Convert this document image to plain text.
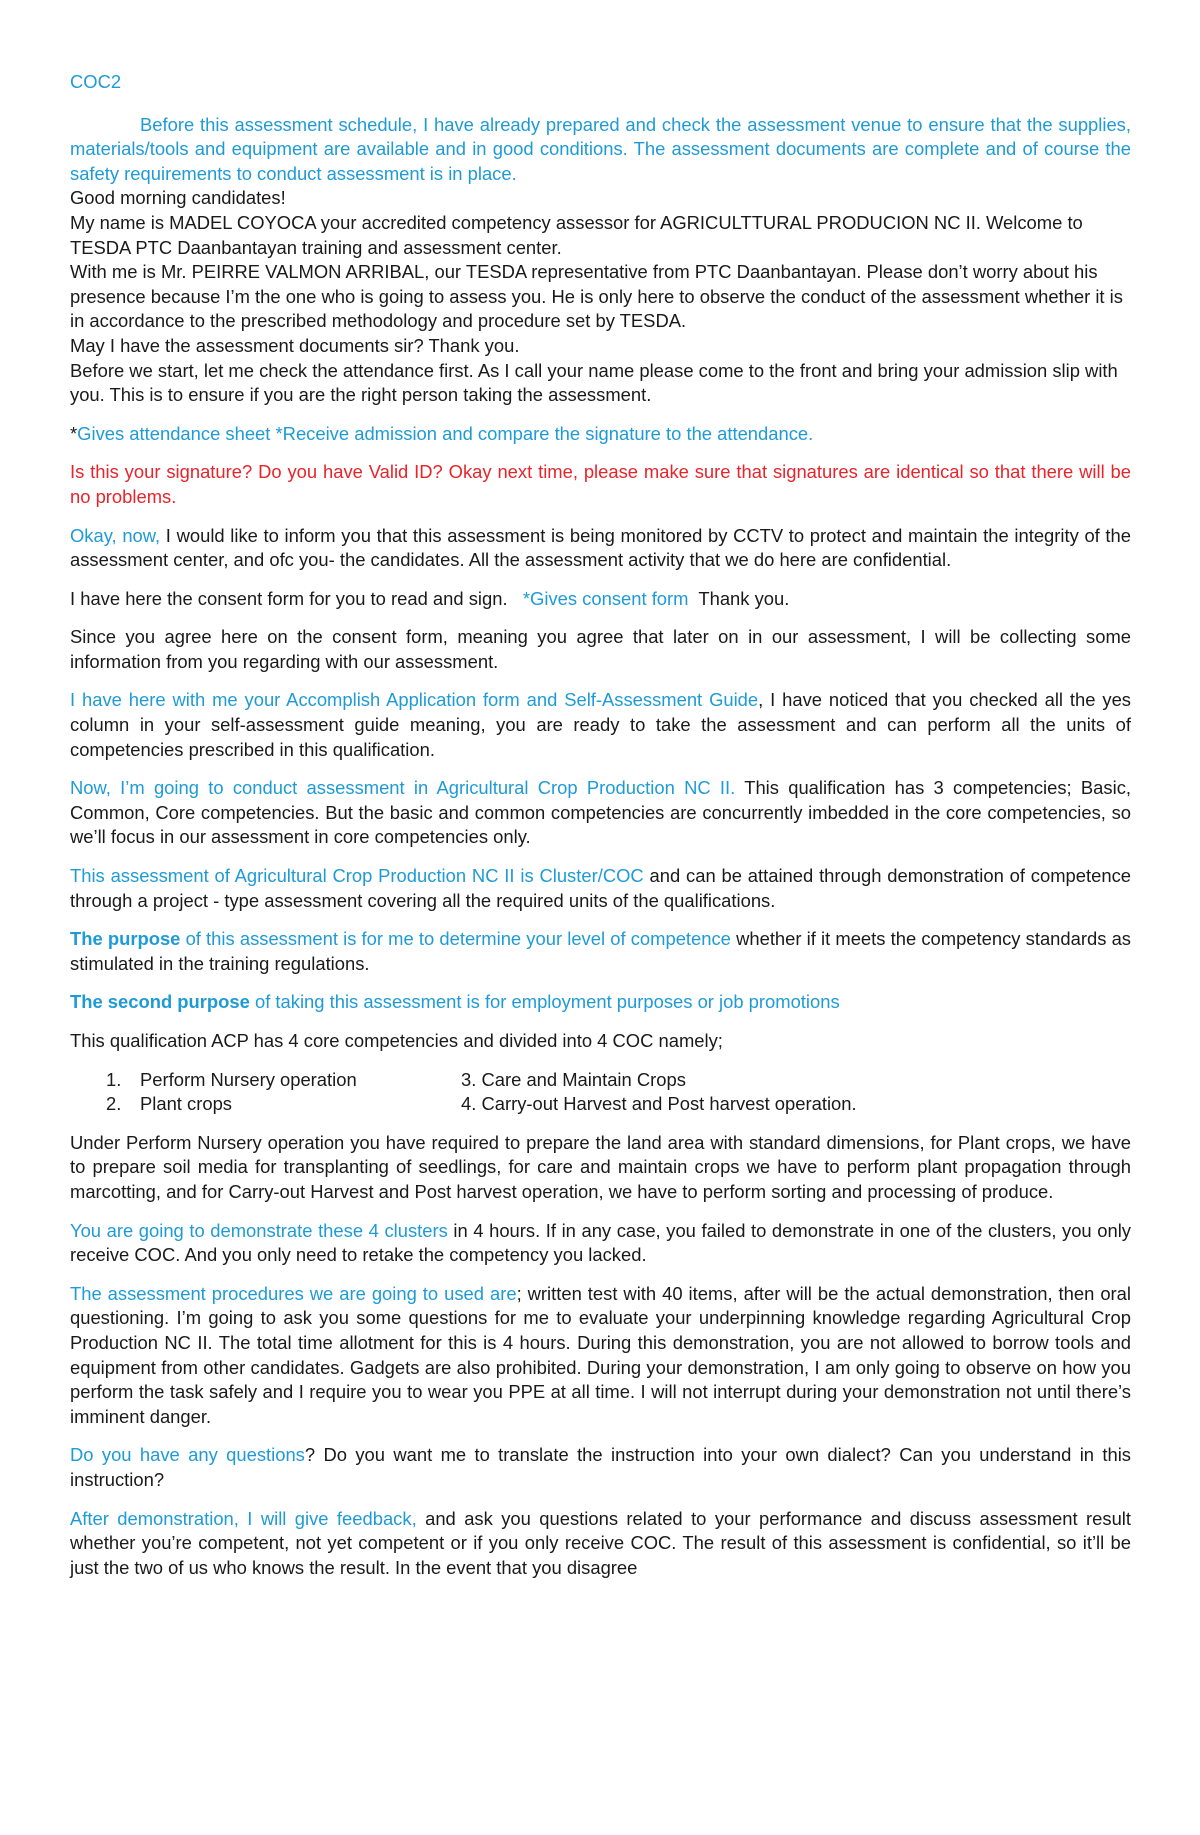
COC2

Before this assessment schedule, I have already prepared and check the assessment venue to ensure that the supplies, materials/tools and equipment are available and in good conditions. The assessment documents are complete and of course the safety requirements to conduct assessment is in place.

Good morning candidates!

My name is MADEL COYOCA your accredited competency assessor for AGRICULTTURAL PRODUCION NC II. Welcome to TESDA PTC Daanbantayan training and assessment center.

With me is Mr. PEIRRE VALMON ARRIBAL, our TESDA representative from PTC Daanbantayan. Please don’t worry about his presence because I’m the one who is going to assess you. He is only here to observe the conduct of the assessment whether it is in accordance to the prescribed methodology and procedure set by TESDA.

May I have the assessment documents sir? Thank you.

Before we start, let me check the attendance first. As I call your name please come to the front and bring your admission slip with you. This is to ensure if you are the right person taking the assessment.

*Gives attendance sheet *Receive admission and compare the signature to the attendance.

Is this your signature? Do you have Valid ID? Okay next time, please make sure that signatures are identical so that there will be no problems.

Okay, now, I would like to inform you that this assessment is being monitored by CCTV to protect and maintain the integrity of the assessment center, and ofc you- the candidates. All the assessment activity that we do here are confidential.

I have here the consent form for you to read and sign.   *Gives consent form  Thank you.

Since you agree here on the consent form, meaning you agree that later on in our assessment, I will be collecting some information from you regarding with our assessment.

I have here with me your Accomplish Application form and Self-Assessment Guide, I have noticed that you checked all the yes column in your self-assessment guide meaning, you are ready to take the assessment and can perform all the units of competencies prescribed in this qualification.

Now, I’m going to conduct assessment in Agricultural Crop Production NC II. This qualification has 3 competencies; Basic, Common, Core competencies. But the basic and common competencies are concurrently imbedded in the core competencies, so we’ll focus in our assessment in core competencies only.

This assessment of Agricultural Crop Production NC II is Cluster/COC and can be attained through demonstration of competence through a project - type assessment covering all the required units of the qualifications.

The purpose of this assessment is for me to determine your level of competence whether if it meets the competency standards as stimulated in the training regulations.

The second purpose of taking this assessment is for employment purposes or job promotions

This qualification ACP has 4 core competencies and divided into 4 COC namely;

1. Perform Nursery operation	3. Care and Maintain Crops
2. Plant crops	4. Carry-out Harvest and Post harvest operation.

Under Perform Nursery operation you have required to prepare the land area with standard dimensions, for Plant crops, we have to prepare soil media for transplanting of seedlings, for care and maintain crops we have to perform plant propagation through marcotting, and for Carry-out Harvest and Post harvest operation, we have to perform sorting and processing of produce.

You are going to demonstrate these 4 clusters in 4 hours. If in any case, you failed to demonstrate in one of the clusters, you only receive COC. And you only need to retake the competency you lacked.

The assessment procedures we are going to used are; written test with 40 items, after will be the actual demonstration, then oral questioning. I’m going to ask you some questions for me to evaluate your underpinning knowledge regarding Agricultural Crop Production NC II. The total time allotment for this is 4 hours. During this demonstration, you are not allowed to borrow tools and equipment from other candidates. Gadgets are also prohibited. During your demonstration, I am only going to observe on how you perform the task safely and I require you to wear you PPE at all time. I will not interrupt during your demonstration not until there’s imminent danger.

Do you have any questions? Do you want me to translate the instruction into your own dialect? Can you understand in this instruction?

After demonstration, I will give feedback, and ask you questions related to your performance and discuss assessment result whether you’re competent, not yet competent or if you only receive COC. The result of this assessment is confidential, so it’ll be just the two of us who knows the result. In the event that you disagree
